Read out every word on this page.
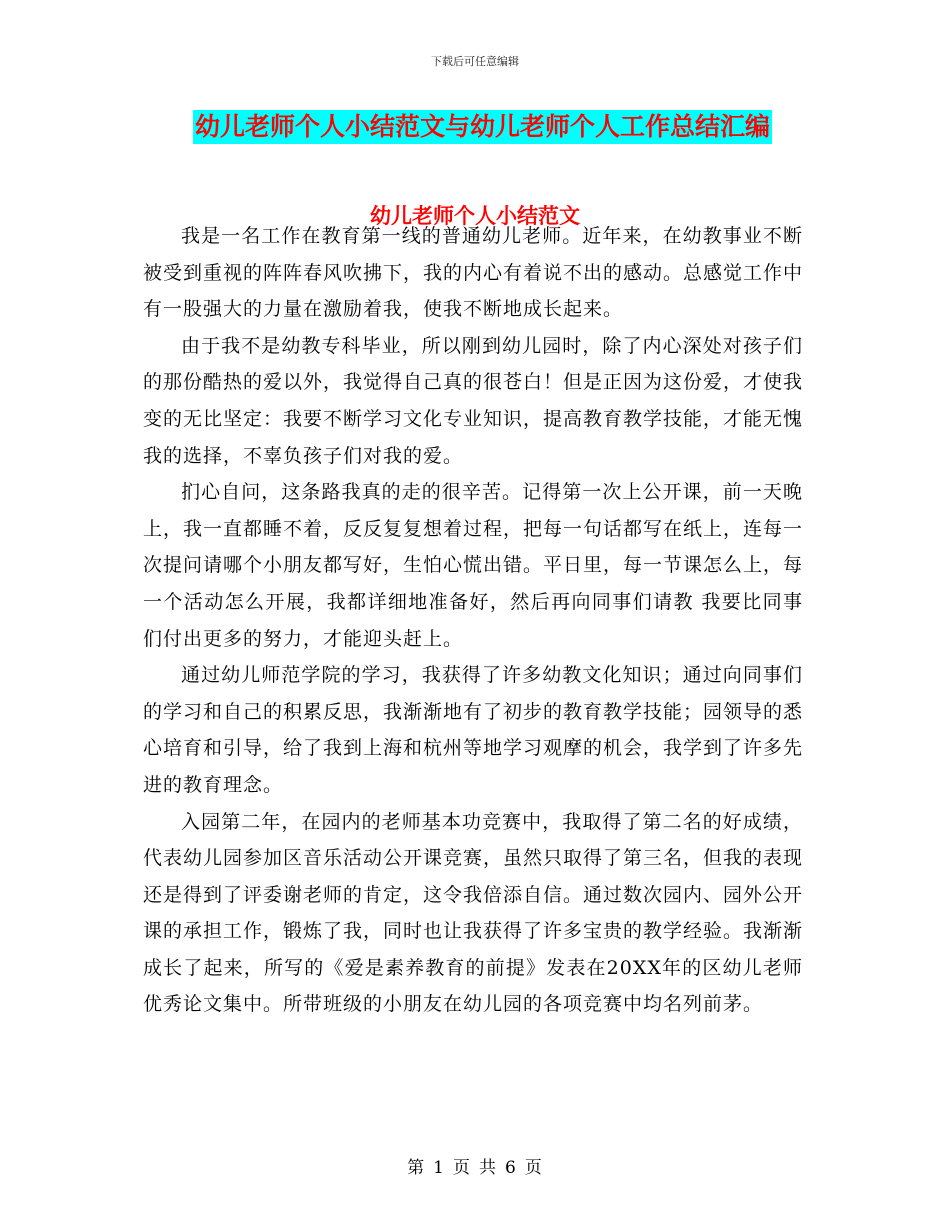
下载后可任意编辑
幼儿老师个人小结范文与幼儿老师个人工作总结汇编
幼儿老师个人小结范文

我是一名工作在教育第一线的普通幼儿老师。近年来，在幼教事业不断被受到重视的阵阵春风吹拂下，我的内心有着说不出的感动。总感觉工作中有一股强大的力量在激励着我，使我不断地成长起来。

由于我不是幼教专科毕业，所以刚到幼儿园时，除了内心深处对孩子们的那份酷热的爱以外，我觉得自己真的很苍白！但是正因为这份爱，才使我变的无比坚定：我要不断学习文化专业知识，提高教育教学技能，才能无愧我的选择，不辜负孩子们对我的爱。

扪心自问，这条路我真的走的很辛苦。记得第一次上公开课，前一天晚上，我一直都睡不着，反反复复想着过程，把每一句话都写在纸上，连每一次提问请哪个小朋友都写好，生怕心慌出错。平日里，每一节课怎么上，每一个活动怎么开展，我都详细地准备好，然后再向同事们请教 我要比同事们付出更多的努力，才能迎头赶上。

通过幼儿师范学院的学习，我获得了许多幼教文化知识；通过向同事们的学习和自己的积累反思，我渐渐地有了初步的教育教学技能；园领导的悉心培育和引导，给了我到上海和杭州等地学习观摩的机会，我学到了许多先进的教育理念。

入园第二年，在园内的老师基本功竞赛中，我取得了第二名的好成绩，代表幼儿园参加区音乐活动公开课竞赛，虽然只取得了第三名，但我的表现还是得到了评委谢老师的肯定，这令我倍添自信。通过数次园内、园外公开课的承担工作，锻炼了我，同时也让我获得了许多宝贵的教学经验。我渐渐成长了起来，所写的《爱是素养教育的前提》发表在20XX年的区幼儿老师优秀论文集中。所带班级的小朋友在幼儿园的各项竞赛中均名列前茅。

第 1 页 共 6 页
